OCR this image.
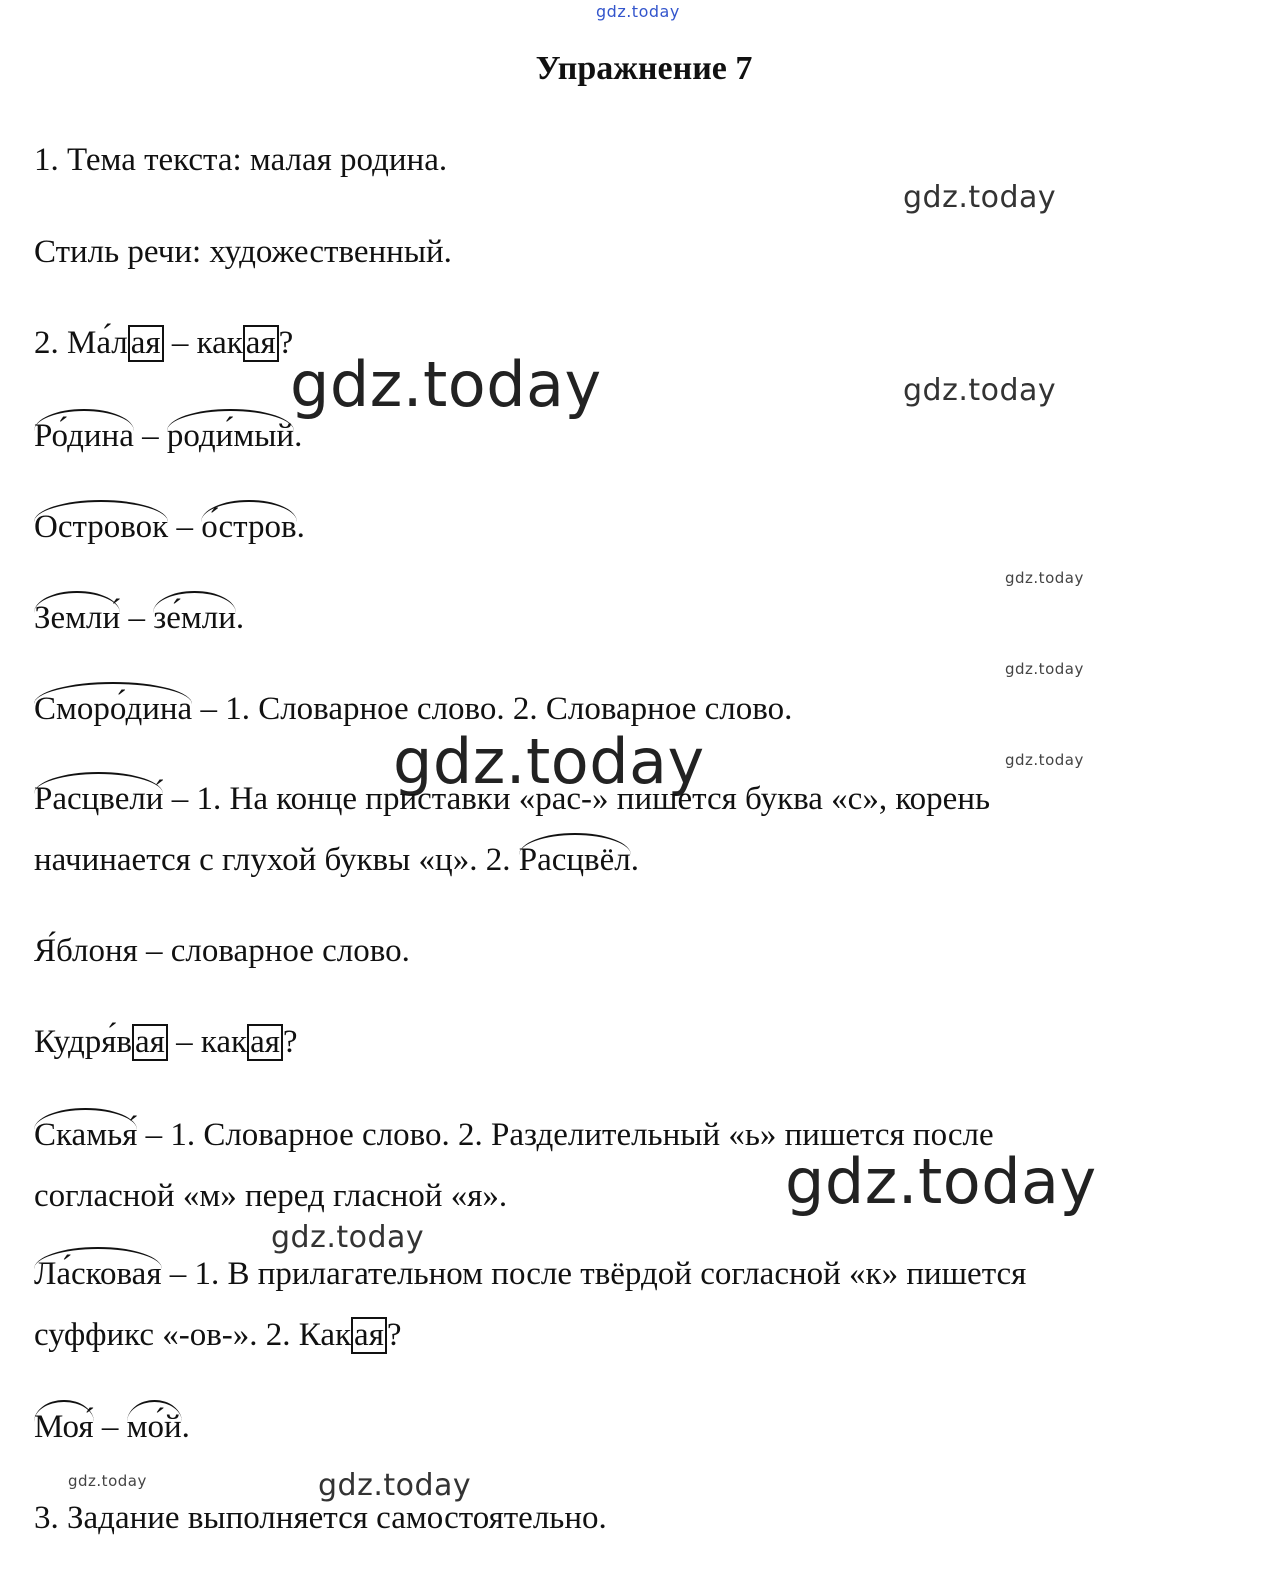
gdz.today
Упражнение 7
1. Тема текста: малая родина.
gdz.today
Стиль речи: художественный.
2. Ма́лая – какая?
gdz.today	gdz.today
Ро́дина –
роди́мый.
Островок –
о́стров.
gdz.today
Земли́ –
зе́мли.
gdz.today
Сморо́дина – 1. Словарное слово. 2. Словарное слово.
gdz.today	gdz.today
Расцвели́ – 1. На конце приставки «рас-» пишется буква «с», корень
начинается с глухой буквы «ц». 2.
Расцвёл.
Я́блоня – словарное слово.
Кудря́вая – какая?
Скамья́ – 1. Словарное слово. 2. Разделительный «ь» пишется после
gdz.today
согласной «м» перед гласной «я».
gdz.today
Ла́сковая – 1. В прилагательном после твёрдой согласной «к» пишется
суффикс «-ов-». 2. Какая?
Моя́ –
мо́й.
gdz.today	gdz.today
3. Задание выполняется самостоятельно.
